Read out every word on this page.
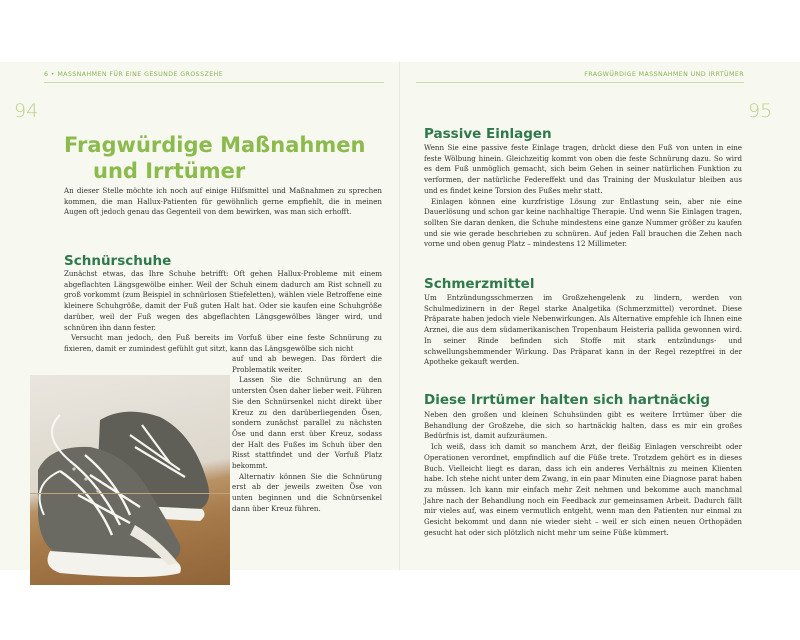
6 • MASSNAHMEN FÜR EINE GESUNDE GROSSZEHE	FRAGWÜRDIGE MASSNAHMEN UND IRRTÜMER
94	95
Fragwürdige Maßnahmen
und Irrtümer

An dieser Stelle möchte ich noch auf einige Hilfsmittel und Maßnahmen zu sprechen kommen, die man Hallux-Patienten für gewöhnlich gerne empfiehlt, die in meinen Augen oft jedoch genau das Gegenteil von dem bewirken, was man sich erhofft.

Schnürschuhe

Zunächst etwas, das Ihre Schuhe betrifft: Oft gehen Hallux-Probleme mit einem abgeflachten Längsgewölbe einher. Weil der Schuh einem dadurch am Rist schnell zu groß vorkommt (zum Beispiel in schnürlosen Stiefeletten), wählen viele Betroffene eine kleinere Schuhgröße, damit der Fuß guten Halt hat. Oder sie kaufen eine Schuhgröße darüber, weil der Fuß wegen des abgeflachten Längsgewölbes länger wird, und schnüren ihn dann fester.

Versucht man jedoch, den Fuß bereits im Vorfuß über eine feste Schnürung zu fixieren, damit er zumindest gefühlt gut sitzt, kann das Längsgewölbe sich nicht

auf und ab bewegen. Das fördert die Problematik weiter.

Lassen Sie die Schnürung an den untersten Ösen daher lieber weit. Führen Sie den Schnürsenkel nicht direkt über Kreuz zu den darüberliegenden Ösen, sondern zunächst parallel zu nächsten Öse und dann erst über Kreuz, sodass der Halt des Fußes im Schuh über den Risst stattfindet und der Vorfuß Platz bekommt.

Alternativ können Sie die Schnürung erst ab der jeweils zweiten Öse von unten beginnen und die Schnürsenkel dann über Kreuz führen.

Passive Einlagen

Wenn Sie eine passive feste Einlage tragen, drückt diese den Fuß von unten in eine feste Wölbung hinein. Gleichzeitig kommt von oben die feste Schnürung dazu. So wird es dem Fuß unmöglich gemacht, sich beim Gehen in seiner natürlichen Funktion zu verformen, der natürliche Federeffekt und das Training der Muskulatur bleiben aus und es findet keine Torsion des Fußes mehr statt.

Einlagen können eine kurzfristige Lösung zur Entlastung sein, aber nie eine Dauerlösung und schon gar keine nachhaltige Therapie. Und wenn Sie Einlagen tragen, sollten Sie daran denken, die Schuhe mindestens eine ganze Nummer größer zu kaufen und sie wie gerade beschrieben zu schnüren. Auf jeden Fall brauchen die Zehen nach vorne und oben genug Platz – mindestens 12 Millimeter.

Schmerzmittel

Um Entzündungsschmerzen im Großzehengelenk zu lindern, werden von Schulmedizinern in der Regel starke Analgetika (Schmerzmittel) verordnet. Diese Präparate haben jedoch viele Nebenwirkungen. Als Alternative empfehle ich Ihnen eine Arznei, die aus dem südamerikanischen Tropenbaum Heisteria pallida gewonnen wird. In seiner Rinde befinden sich Stoffe mit stark entzündungs- und schwellungshemmender Wirkung. Das Präparat kann in der Regel rezeptfrei in der Apotheke gekauft werden.

Diese Irrtümer halten sich hartnäckig

Neben den großen und kleinen Schuhsünden gibt es weitere Irrtümer über die Behandlung der Großzehe, die sich so hartnäckig halten, dass es mir ein großes Bedürfnis ist, damit aufzuräumen.

Ich weiß, dass ich damit so manchem Arzt, der fleißig Einlagen verschreibt oder Operationen verordnet, empfindlich auf die Füße trete. Trotzdem gehört es in dieses Buch. Vielleicht liegt es daran, dass ich ein anderes Verhältnis zu meinen Klienten habe. Ich stehe nicht unter dem Zwang, in ein paar Minuten eine Diagnose parat haben zu müssen. Ich kann mir einfach mehr Zeit nehmen und bekomme auch manchmal Jahre nach der Behandlung noch ein Feedback zur gemeinsamen Arbeit. Dadurch fällt mir vieles auf, was einem vermutlich entgeht, wenn man den Patienten nur einmal zu Gesicht bekommt und dann nie wieder sieht – weil er sich einen neuen Orthopäden gesucht hat oder sich plötzlich nicht mehr um seine Füße kümmert.
